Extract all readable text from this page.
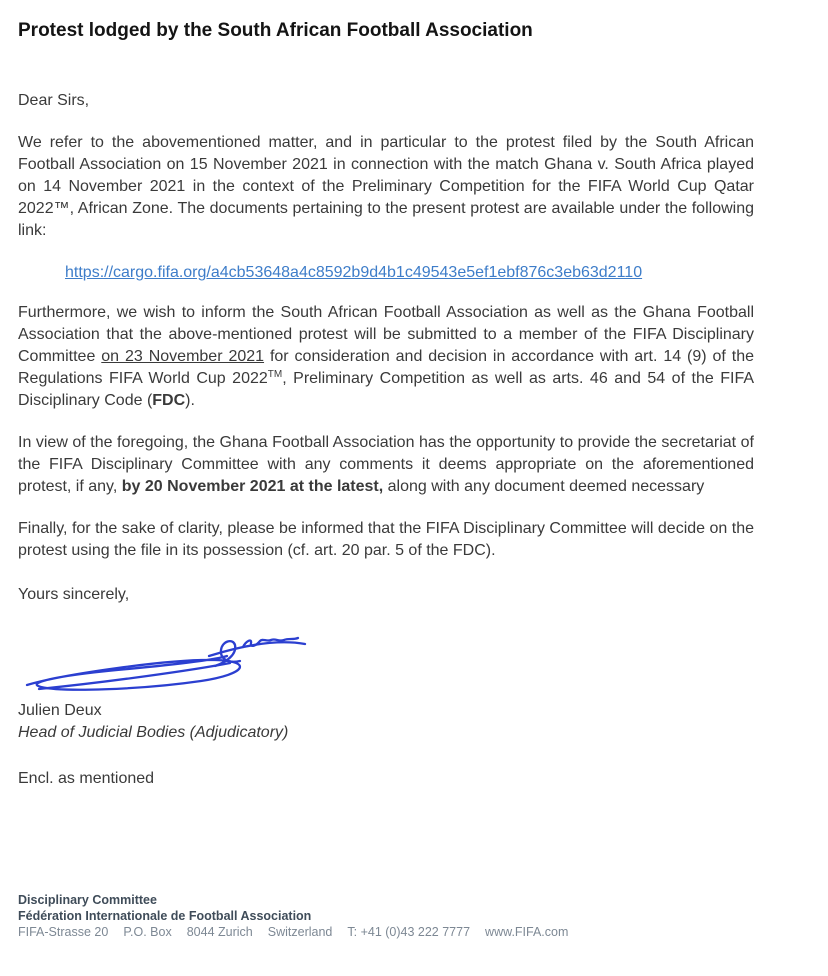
Protest lodged by the South African Football Association

Dear Sirs,

We refer to the abovementioned matter, and in particular to the protest filed by the South African Football Association on 15 November 2021 in connection with the match Ghana v. South Africa played on 14 November 2021 in the context of the Preliminary Competition for the FIFA World Cup Qatar 2022™, African Zone. The documents pertaining to the present protest are available under the following link:

https://cargo.fifa.org/a4cb53648a4c8592b9d4b1c49543e5ef1ebf876c3eb63d2110

Furthermore, we wish to inform the South African Football Association as well as the Ghana Football Association that the above-mentioned protest will be submitted to a member of the FIFA Disciplinary Committee on 23 November 2021 for consideration and decision in accordance with art. 14 (9) of the Regulations FIFA World Cup 2022™, Preliminary Competition as well as arts. 46 and 54 of the FIFA Disciplinary Code (FDC).

In view of the foregoing, the Ghana Football Association has the opportunity to provide the secretariat of the FIFA Disciplinary Committee with any comments it deems appropriate on the aforementioned protest, if any, by 20 November 2021 at the latest, along with any document deemed necessary

Finally, for the sake of clarity, please be informed that the FIFA Disciplinary Committee will decide on the protest using the file in its possession (cf. art. 20 par. 5 of the FDC).

Yours sincerely,

Julien Deux

Head of Judicial Bodies (Adjudicatory)

Encl. as mentioned

Disciplinary Committee
Fédération Internationale de Football Association
FIFA-Strasse 20 P.O. Box 8044 Zurich Switzerland T: +41 (0)43 222 7777 www.FIFA.com
